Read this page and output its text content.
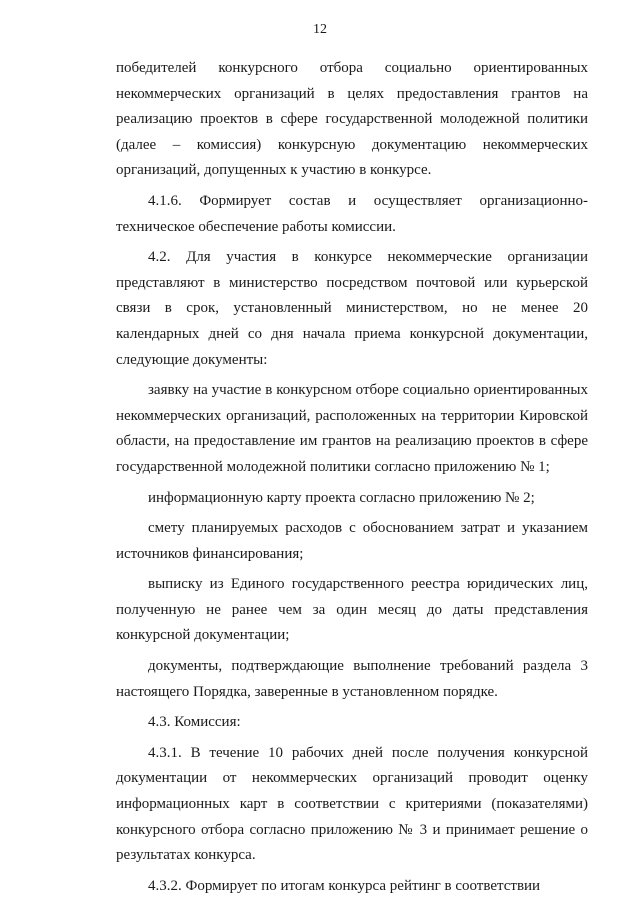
12

победителей конкурсного отбора социально ориентированных некоммерческих организаций в целях предоставления грантов на реализацию проектов в сфере государственной молодежной политики (далее – комиссия) конкурсную документацию некоммерческих организаций, допущенных к участию в конкурсе.

4.1.6. Формирует состав и осуществляет организационно-техническое обеспечение работы комиссии.

4.2. Для участия в конкурсе некоммерческие организации представляют в министерство посредством почтовой или курьерской связи в срок, установленный министерством, но не менее 20 календарных дней со дня начала приема конкурсной документации, следующие документы:

заявку на участие в конкурсном отборе социально ориентированных некоммерческих организаций, расположенных на территории Кировской области, на предоставление им грантов на реализацию проектов в сфере государственной молодежной политики согласно приложению № 1;

информационную карту проекта согласно приложению № 2;

смету планируемых расходов с обоснованием затрат и указанием источников финансирования;

выписку из Единого государственного реестра юридических лиц, полученную не ранее чем за один месяц до даты представления конкурсной документации;

документы, подтверждающие выполнение требований раздела 3 настоящего Порядка, заверенные в установленном порядке.

4.3. Комиссия:

4.3.1. В течение 10 рабочих дней после получения конкурсной документации от некоммерческих организаций проводит оценку информационных карт в соответствии с критериями (показателями) конкурсного отбора согласно приложению № 3 и принимает решение о результатах конкурса.

4.3.2. Формирует по итогам конкурса рейтинг в соответствии
